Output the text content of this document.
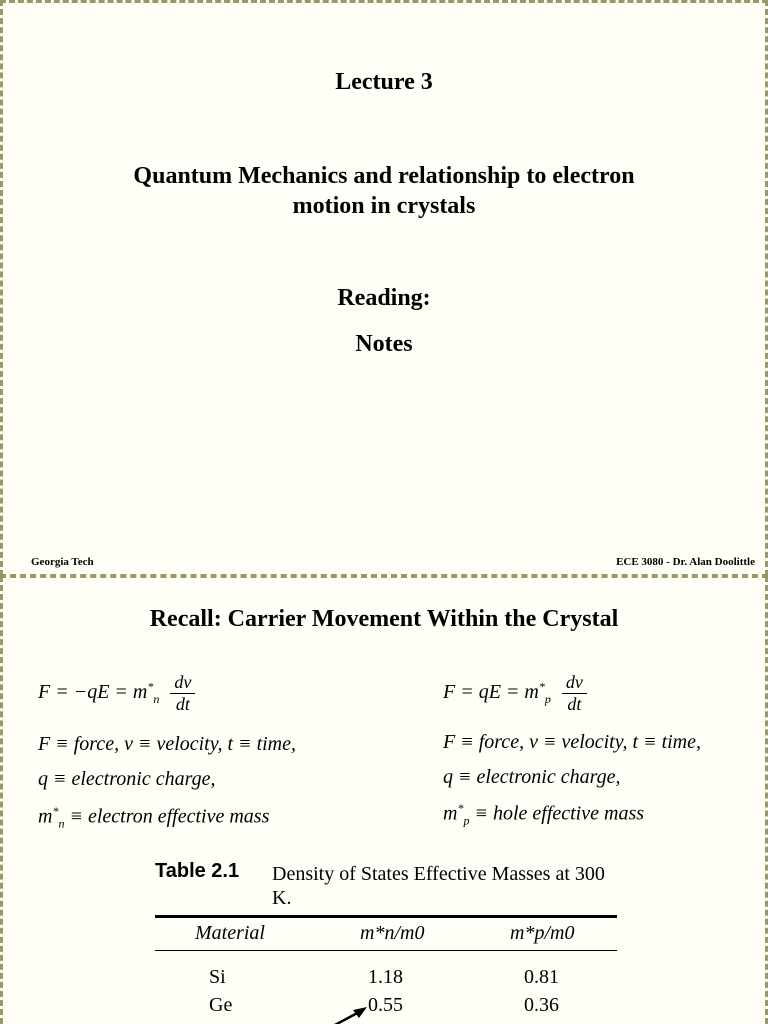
Lecture 3
Quantum Mechanics and relationship to electron
motion in crystals
Reading:
Notes
Georgia Tech	ECE 3080 - Dr. Alan Doolittle
Recall: Carrier Movement Within the Crystal
$F = -qE = m^*_n \frac{dv}{dt}$
F ≡ force, v ≡ velocity, t ≡ time,
q ≡ electronic charge,
$m^*_n$ ≡ electron effective mass
F = qE = $m^*_p \frac{dv}{dt}$
F ≡ force, v ≡ velocity, t ≡ time,
q ≡ electronic charge,
$m^*_p$ ≡ hole effective mass
Table 2.1 Density of States Effective Masses at 300 K.
Material	m*n/m0	m*p/m0
Si	1.18	0.81
Ge	0.55	0.36
